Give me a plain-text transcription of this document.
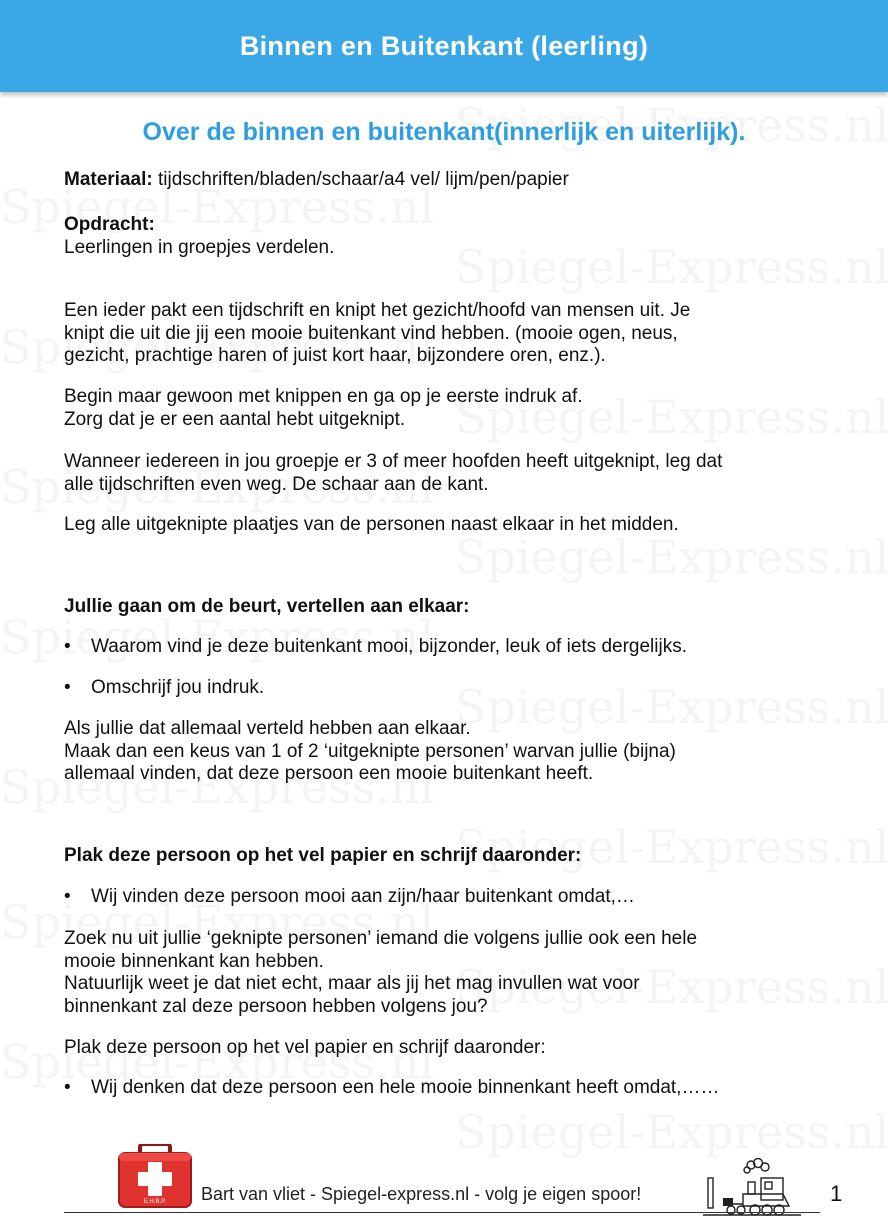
Binnen en Buitenkant (leerling)
Over de binnen en buitenkant(innerlijk en uiterlijk).
Materiaal: tijdschriften/bladen/schaar/a4 vel/ lijm/pen/papier
Opdracht:
Leerlingen in groepjes verdelen.
Een ieder pakt een tijdschrift en knipt het gezicht/hoofd van mensen uit. Je
knipt die uit die jij een mooie buitenkant vind hebben. (mooie ogen, neus,
gezicht, prachtige haren of juist kort haar, bijzondere oren, enz.).
Begin maar gewoon met knippen en ga op je eerste indruk af.
Zorg dat je er een aantal hebt uitgeknipt.
Wanneer iedereen in jou groepje er 3 of meer hoofden heeft uitgeknipt, leg dat
alle tijdschriften even weg. De schaar aan de kant.
Leg alle uitgeknipte plaatjes van de personen naast elkaar in het midden.
Jullie gaan om de beurt, vertellen aan elkaar:
• Waarom vind je deze buitenkant mooi, bijzonder, leuk of iets dergelijks.
• Omschrijf jou indruk.
Als jullie dat allemaal verteld hebben aan elkaar.
Maak dan een keus van 1 of 2 ‘uitgeknipte personen’ warvan jullie (bijna)
allemaal vinden, dat deze persoon een mooie buitenkant heeft.
Plak deze persoon op het vel papier en schrijf daaronder:
• Wij vinden deze persoon mooi aan zijn/haar buitenkant omdat,…
Zoek nu uit jullie ‘geknipte personen’ iemand die volgens jullie ook een hele
mooie binnenkant kan hebben.
Natuurlijk weet je dat niet echt, maar als jij het mag invullen wat voor
binnenkant zal deze persoon hebben volgens jou?
Plak deze persoon op het vel papier en schrijf daaronder:
• Wij denken dat deze persoon een hele mooie binnenkant heeft omdat,……
E.H.B.P. Bart van vliet - Spiegel-express.nl - volg je eigen spoor!	1
